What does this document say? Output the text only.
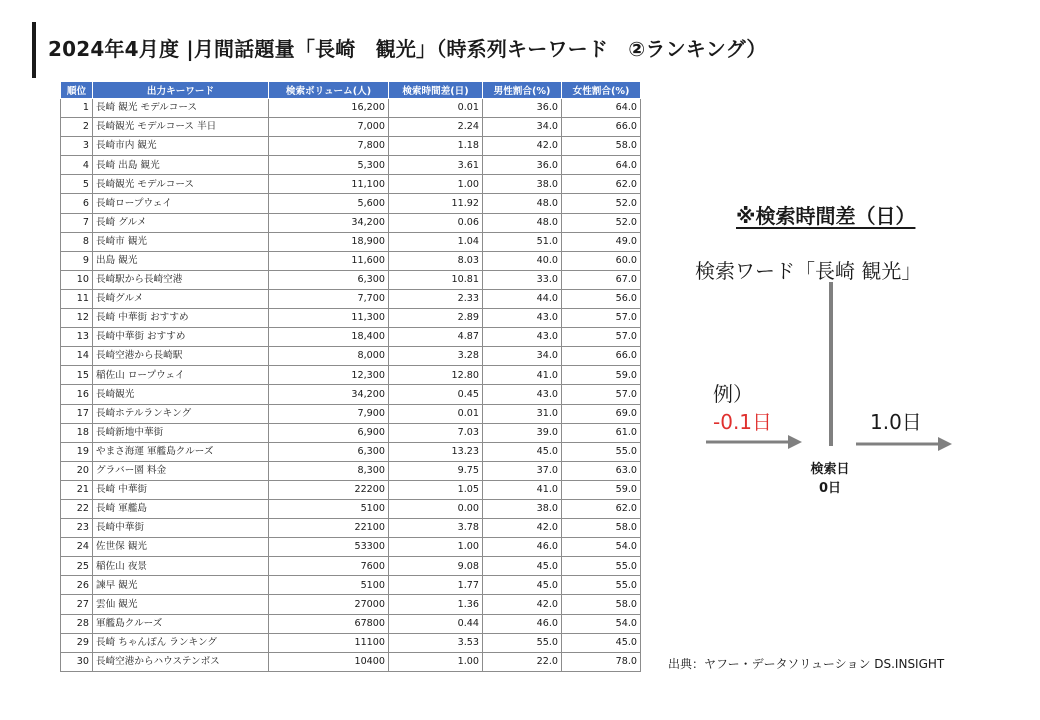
2024年4月度 |月間話題量「長崎　観光」（時系列キーワード　②ランキング）
順位	出力キーワード	検索ボリューム(人)	検索時間差(日)	男性割合(%)	女性割合(%)
1	長崎 観光 モデルコース	16,200	0.01	36.0	64.0
2	長崎観光 モデルコース 半日	7,000	2.24	34.0	66.0
3	長崎市内 観光	7,800	1.18	42.0	58.0
4	長崎 出島 観光	5,300	3.61	36.0	64.0
5	長崎観光 モデルコース	11,100	1.00	38.0	62.0
6	長崎ロープウェイ	5,600	11.92	48.0	52.0
7	長崎 グルメ	34,200	0.06	48.0	52.0
8	長崎市 観光	18,900	1.04	51.0	49.0
9	出島 観光	11,600	8.03	40.0	60.0
10	長崎駅から長崎空港	6,300	10.81	33.0	67.0
11	長崎グルメ	7,700	2.33	44.0	56.0
12	長崎 中華街 おすすめ	11,300	2.89	43.0	57.0
13	長崎中華街 おすすめ	18,400	4.87	43.0	57.0
14	長崎空港から長崎駅	8,000	3.28	34.0	66.0
15	稲佐山 ロープウェイ	12,300	12.80	41.0	59.0
16	長崎観光	34,200	0.45	43.0	57.0
17	長崎ホテルランキング	7,900	0.01	31.0	69.0
18	長崎新地中華街	6,900	7.03	39.0	61.0
19	やまさ海運 軍艦島クルーズ	6,300	13.23	45.0	55.0
20	グラバー園 料金	8,300	9.75	37.0	63.0
21	長崎 中華街	22200	1.05	41.0	59.0
22	長崎 軍艦島	5100	0.00	38.0	62.0
23	長崎中華街	22100	3.78	42.0	58.0
24	佐世保 観光	53300	1.00	46.0	54.0
25	稲佐山 夜景	7600	9.08	45.0	55.0
26	諫早 観光	5100	1.77	45.0	55.0
27	雲仙 観光	27000	1.36	42.0	58.0
28	軍艦島クルーズ	67800	0.44	46.0	54.0
29	長崎 ちゃんぽん ランキング	11100	3.53	55.0	45.0
30	長崎空港からハウステンボス	10400	1.00	22.0	78.0
※検索時間差（日）
検索ワード「長崎 観光」
例）
-0.1日	1.0日
検索日
0日
出典：ヤフー・データソリューション DS.INSIGHT
